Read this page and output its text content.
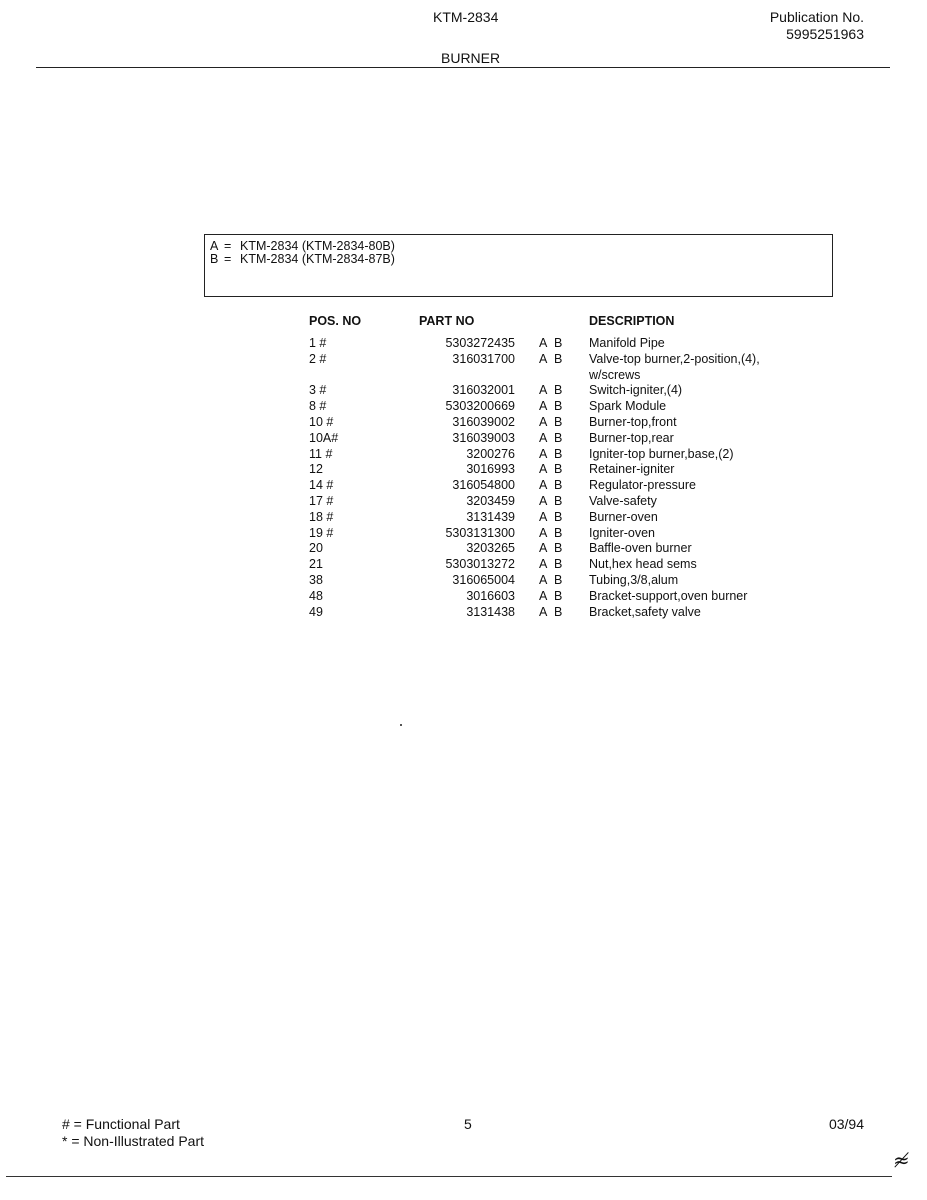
KTM-2834
BURNER
Publication No.
5995251963
A = KTM-2834 (KTM-2834-80B)
B = KTM-2834 (KTM-2834-87B)
POS. NO	PART NO		DESCRIPTION
1 #	5303272435	A B	Manifold Pipe
2 #	316031700	A B	Valve-top burner,2-position,(4),
w/screws
3 #	316032001	A B	Switch-igniter,(4)
8 #	5303200669	A B	Spark Module
10 #	316039002	A B	Burner-top,front
10A#	316039003	A B	Burner-top,rear
11 #	3200276	A B	Igniter-top burner,base,(2)
12	3016993	A B	Retainer-igniter
14 #	316054800	A B	Regulator-pressure
17 #	3203459	A B	Valve-safety
18 #	3131439	A B	Burner-oven
19 #	5303131300	A B	Igniter-oven
20	3203265	A B	Baffle-oven burner
21	5303013272	A B	Nut,hex head sems
38	316065004	A B	Tubing,3/8,alum
48	3016603	A B	Bracket-support,oven burner
49	3131438	A B	Bracket,safety valve
# = Functional Part
* = Non-Illustrated Part
5	03/94
≉
